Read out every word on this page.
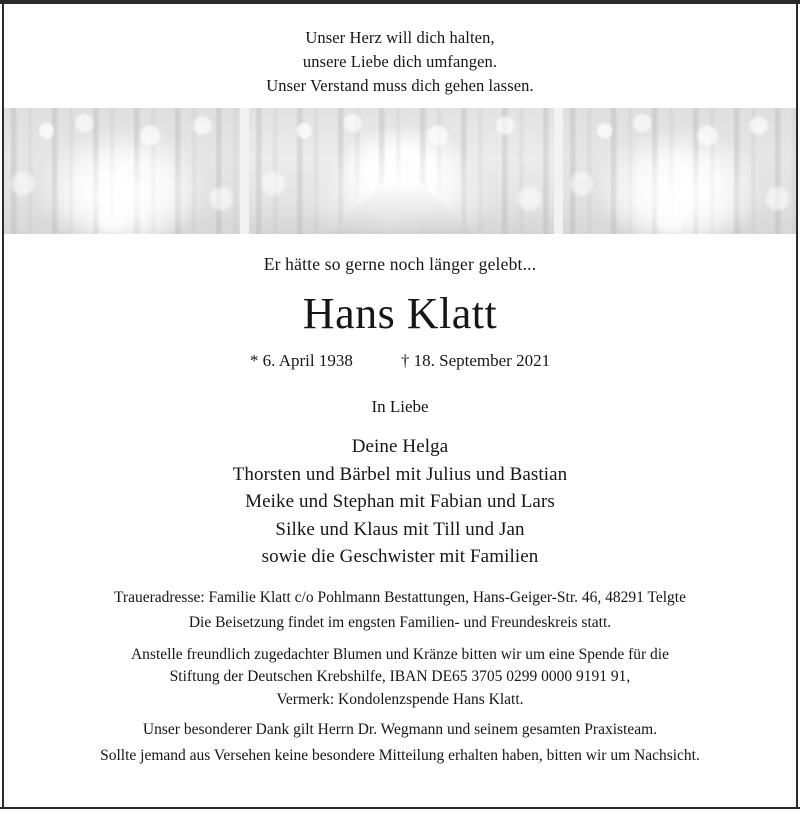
Unser Herz will dich halten,
unsere Liebe dich umfangen.
Unser Verstand muss dich gehen lassen.
Er hätte so gerne noch länger gelebt...
Hans Klatt
* 6. April 1938	† 18. September 2021
In Liebe
Deine Helga
Thorsten und Bärbel mit Julius und Bastian
Meike und Stephan mit Fabian und Lars
Silke und Klaus mit Till und Jan
sowie die Geschwister mit Familien
Traueradresse: Familie Klatt c/o Pohlmann Bestattungen, Hans-Geiger-Str. 46, 48291 Telgte
Die Beisetzung findet im engsten Familien- und Freundeskreis statt.
Anstelle freundlich zugedachter Blumen und Kränze bitten wir um eine Spende für die
Stiftung der Deutschen Krebshilfe, IBAN DE65 3705 0299 0000 9191 91,
Vermerk: Kondolenzspende Hans Klatt.
Unser besonderer Dank gilt Herrn Dr. Wegmann und seinem gesamten Praxisteam.
Sollte jemand aus Versehen keine besondere Mitteilung erhalten haben, bitten wir um Nachsicht.
